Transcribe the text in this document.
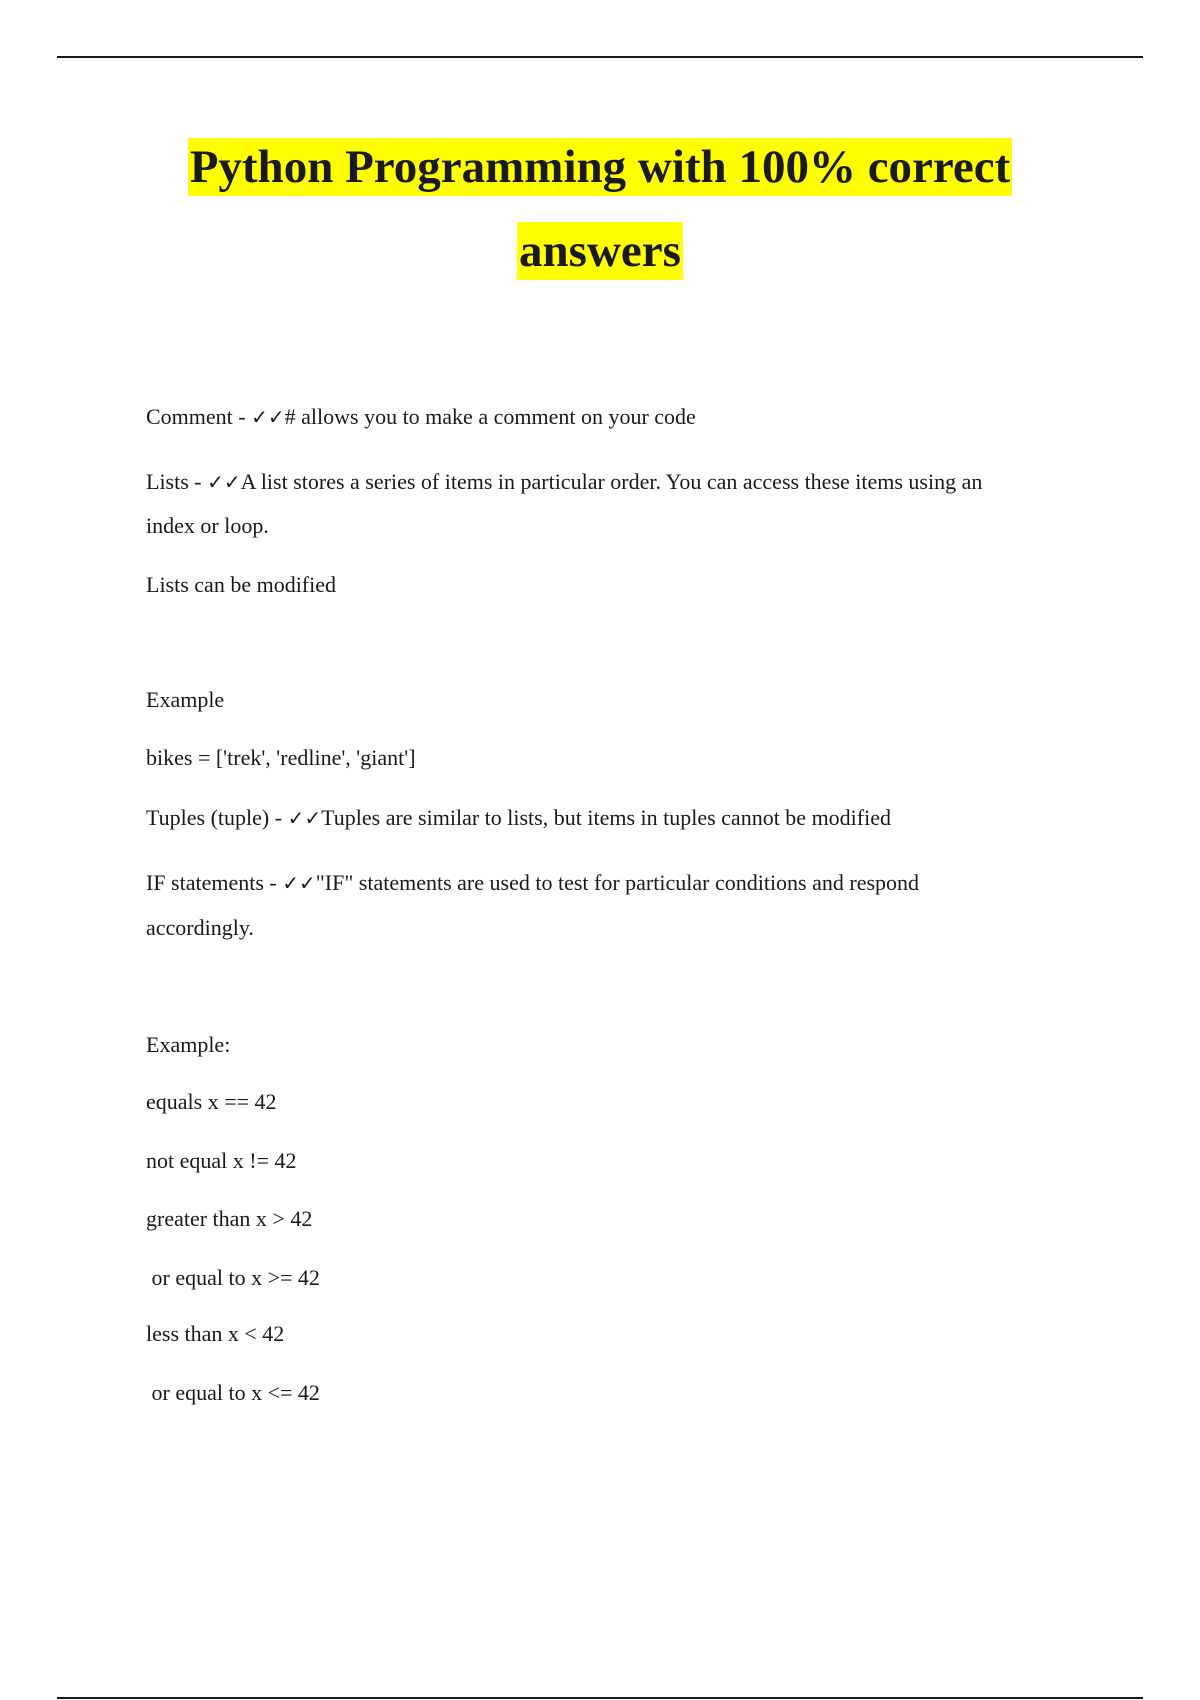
Python Programming with 100% correct
answers
Comment - ✓✓# allows you to make a comment on your code
Lists - ✓✓A list stores a series of items in particular order. You can access these items using an
index or loop.
Lists can be modified
Example
bikes = ['trek', 'redline', 'giant']
Tuples (tuple) - ✓✓Tuples are similar to lists, but items in tuples cannot be modified
IF statements - ✓✓"IF" statements are used to test for particular conditions and respond
accordingly.
Example:
equals x == 42
not equal x != 42
greater than x > 42
or equal to x >= 42
less than x < 42
or equal to x <= 42
